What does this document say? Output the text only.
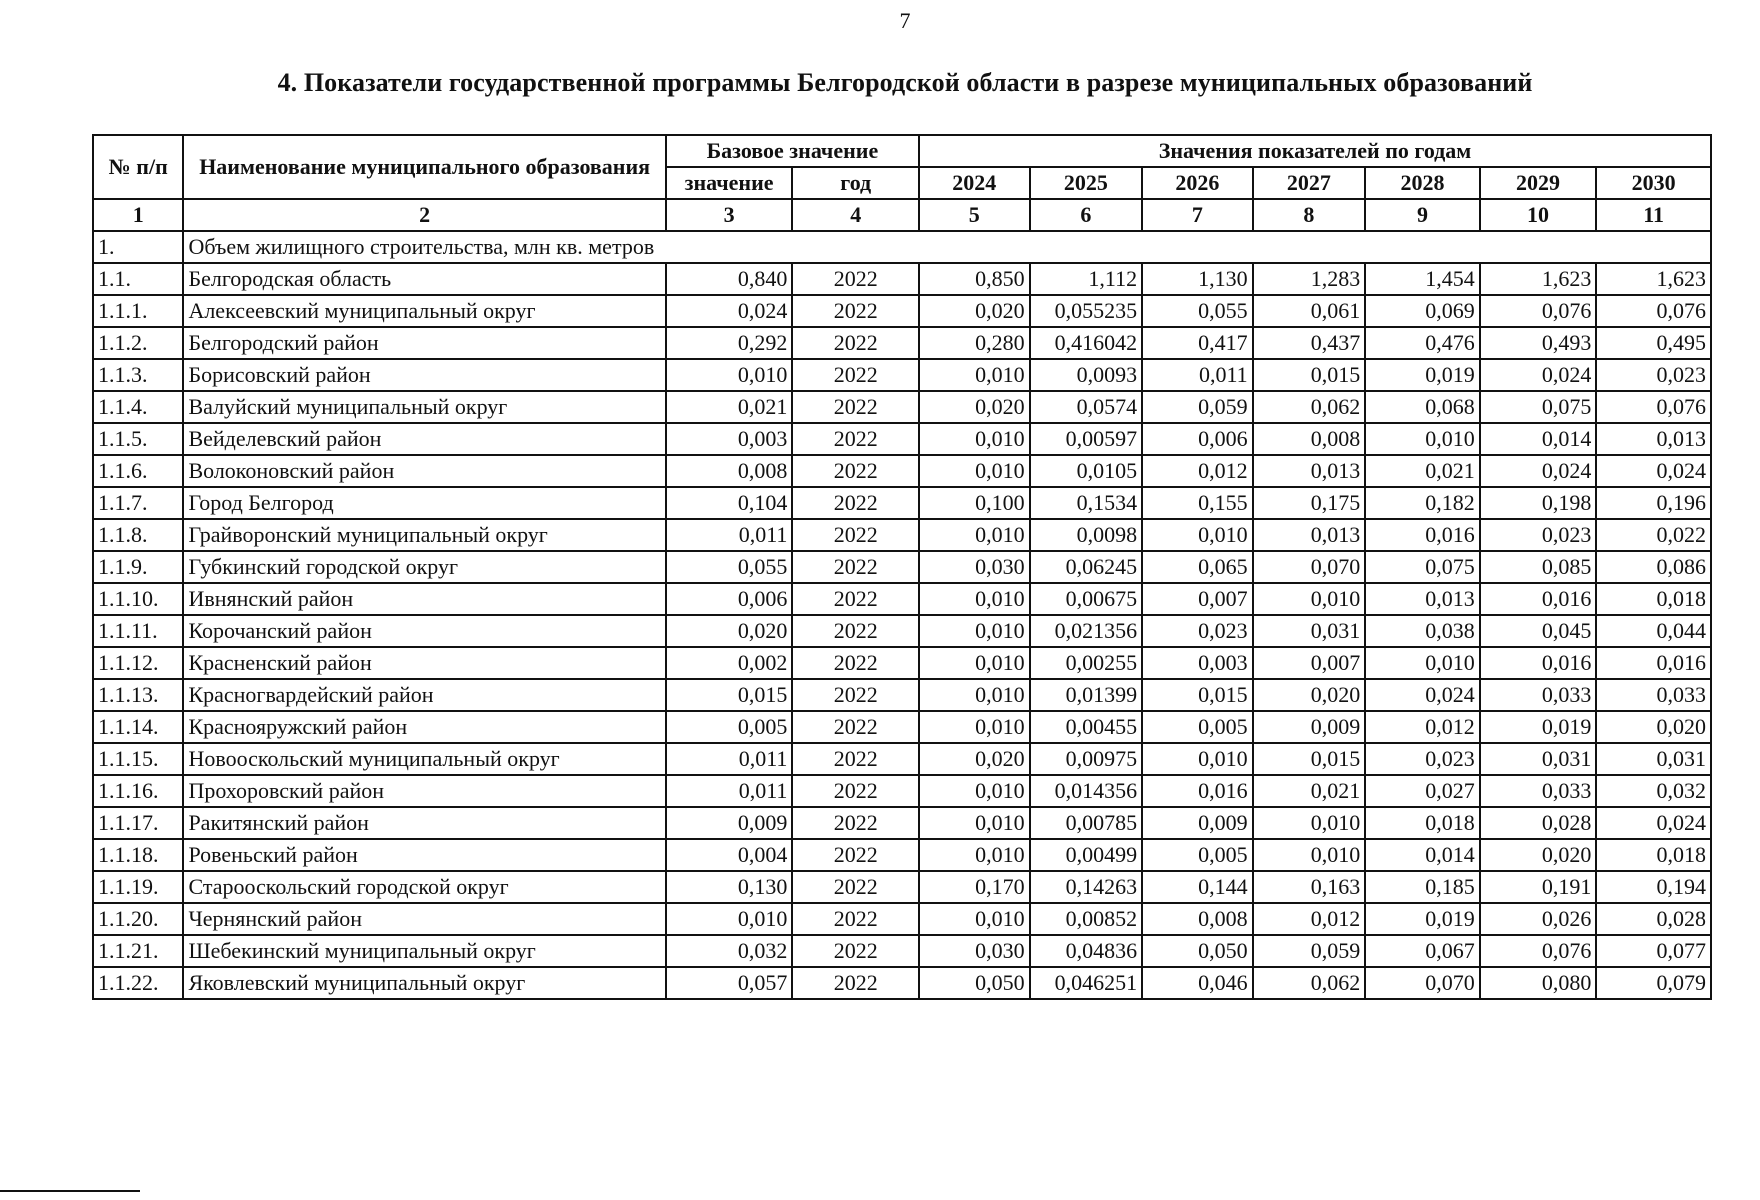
7
4. Показатели государственной программы Белгородской области в разрезе муниципальных образований
№ п/п	Наименование муниципального образования	Базовое значение		Значения показателей по годам						
		значение	год	2024	2025	2026	2027	2028	2029	2030
1	2	3	4	5	6	7	8	9	10	11
1.	Объем жилищного строительства, млн кв. метров									
1.1.	Белгородская область	0,840	2022	0,850	1,112	1,130	1,283	1,454	1,623	1,623
1.1.1.	Алексеевский муниципальный округ	0,024	2022	0,020	0,055235	0,055	0,061	0,069	0,076	0,076
1.1.2.	Белгородский район	0,292	2022	0,280	0,416042	0,417	0,437	0,476	0,493	0,495
1.1.3.	Борисовский район	0,010	2022	0,010	0,0093	0,011	0,015	0,019	0,024	0,023
1.1.4.	Валуйский муниципальный округ	0,021	2022	0,020	0,0574	0,059	0,062	0,068	0,075	0,076
1.1.5.	Вейделевский район	0,003	2022	0,010	0,00597	0,006	0,008	0,010	0,014	0,013
1.1.6.	Волоконовский район	0,008	2022	0,010	0,0105	0,012	0,013	0,021	0,024	0,024
1.1.7.	Город Белгород	0,104	2022	0,100	0,1534	0,155	0,175	0,182	0,198	0,196
1.1.8.	Грайворонский муниципальный округ	0,011	2022	0,010	0,0098	0,010	0,013	0,016	0,023	0,022
1.1.9.	Губкинский городской округ	0,055	2022	0,030	0,06245	0,065	0,070	0,075	0,085	0,086
1.1.10.	Ивнянский район	0,006	2022	0,010	0,00675	0,007	0,010	0,013	0,016	0,018
1.1.11.	Корочанский район	0,020	2022	0,010	0,021356	0,023	0,031	0,038	0,045	0,044
1.1.12.	Красненский район	0,002	2022	0,010	0,00255	0,003	0,007	0,010	0,016	0,016
1.1.13.	Красногвардейский район	0,015	2022	0,010	0,01399	0,015	0,020	0,024	0,033	0,033
1.1.14.	Краснояружский район	0,005	2022	0,010	0,00455	0,005	0,009	0,012	0,019	0,020
1.1.15.	Новооскольский муниципальный округ	0,011	2022	0,020	0,00975	0,010	0,015	0,023	0,031	0,031
1.1.16.	Прохоровский район	0,011	2022	0,010	0,014356	0,016	0,021	0,027	0,033	0,032
1.1.17.	Ракитянский район	0,009	2022	0,010	0,00785	0,009	0,010	0,018	0,028	0,024
1.1.18.	Ровеньский район	0,004	2022	0,010	0,00499	0,005	0,010	0,014	0,020	0,018
1.1.19.	Старооскольский городской округ	0,130	2022	0,170	0,14263	0,144	0,163	0,185	0,191	0,194
1.1.20.	Чернянский район	0,010	2022	0,010	0,00852	0,008	0,012	0,019	0,026	0,028
1.1.21.	Шебекинский муниципальный округ	0,032	2022	0,030	0,04836	0,050	0,059	0,067	0,076	0,077
1.1.22.	Яковлевский муниципальный округ	0,057	2022	0,050	0,046251	0,046	0,062	0,070	0,080	0,079
